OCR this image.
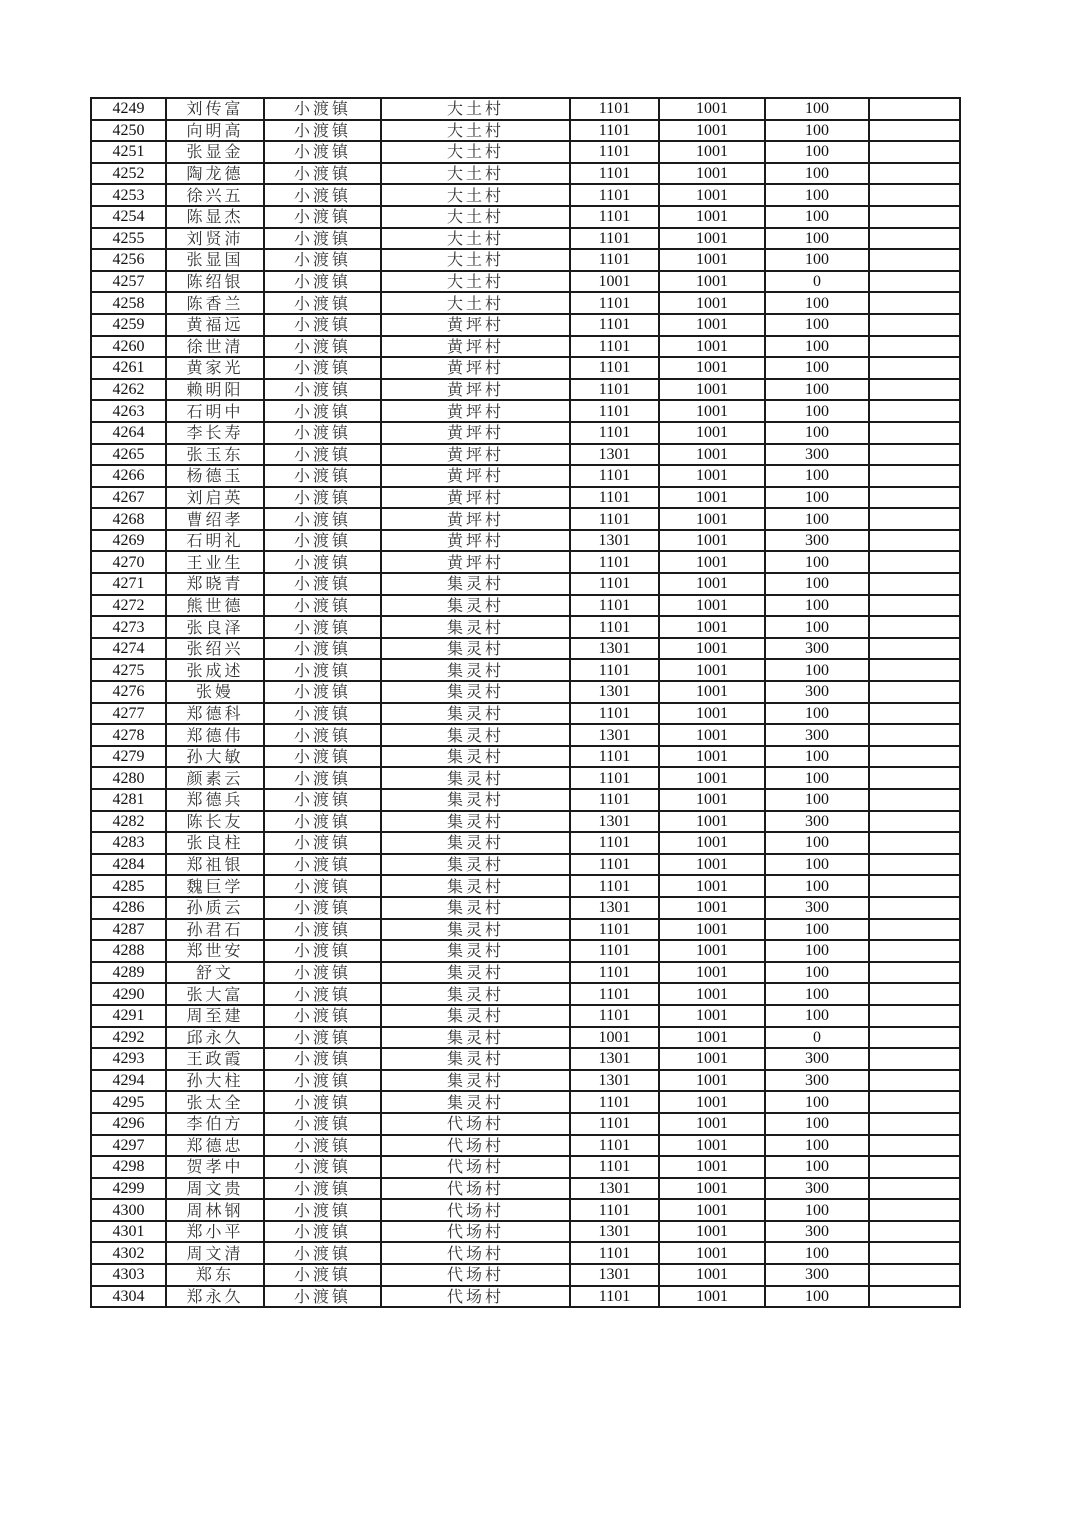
4249	刘传富	小渡镇	大土村	1101	1001	100	
4250	向明高	小渡镇	大土村	1101	1001	100	
4251	张显金	小渡镇	大土村	1101	1001	100	
4252	陶龙德	小渡镇	大土村	1101	1001	100	
4253	徐兴五	小渡镇	大土村	1101	1001	100	
4254	陈显杰	小渡镇	大土村	1101	1001	100	
4255	刘贤沛	小渡镇	大土村	1101	1001	100	
4256	张显国	小渡镇	大土村	1101	1001	100	
4257	陈绍银	小渡镇	大土村	1001	1001	0	
4258	陈香兰	小渡镇	大土村	1101	1001	100	
4259	黄福远	小渡镇	黄坪村	1101	1001	100	
4260	徐世清	小渡镇	黄坪村	1101	1001	100	
4261	黄家光	小渡镇	黄坪村	1101	1001	100	
4262	赖明阳	小渡镇	黄坪村	1101	1001	100	
4263	石明中	小渡镇	黄坪村	1101	1001	100	
4264	李长寿	小渡镇	黄坪村	1101	1001	100	
4265	张玉东	小渡镇	黄坪村	1301	1001	300	
4266	杨德玉	小渡镇	黄坪村	1101	1001	100	
4267	刘启英	小渡镇	黄坪村	1101	1001	100	
4268	曹绍孝	小渡镇	黄坪村	1101	1001	100	
4269	石明礼	小渡镇	黄坪村	1301	1001	300	
4270	王业生	小渡镇	黄坪村	1101	1001	100	
4271	郑晓青	小渡镇	集灵村	1101	1001	100	
4272	熊世德	小渡镇	集灵村	1101	1001	100	
4273	张良泽	小渡镇	集灵村	1101	1001	100	
4274	张绍兴	小渡镇	集灵村	1301	1001	300	
4275	张成述	小渡镇	集灵村	1101	1001	100	
4276	张嫚	小渡镇	集灵村	1301	1001	300	
4277	郑德科	小渡镇	集灵村	1101	1001	100	
4278	郑德伟	小渡镇	集灵村	1301	1001	300	
4279	孙大敏	小渡镇	集灵村	1101	1001	100	
4280	颜素云	小渡镇	集灵村	1101	1001	100	
4281	郑德兵	小渡镇	集灵村	1101	1001	100	
4282	陈长友	小渡镇	集灵村	1301	1001	300	
4283	张良柱	小渡镇	集灵村	1101	1001	100	
4284	郑祖银	小渡镇	集灵村	1101	1001	100	
4285	魏巨学	小渡镇	集灵村	1101	1001	100	
4286	孙质云	小渡镇	集灵村	1301	1001	300	
4287	孙君石	小渡镇	集灵村	1101	1001	100	
4288	郑世安	小渡镇	集灵村	1101	1001	100	
4289	舒文	小渡镇	集灵村	1101	1001	100	
4290	张大富	小渡镇	集灵村	1101	1001	100	
4291	周至建	小渡镇	集灵村	1101	1001	100	
4292	邱永久	小渡镇	集灵村	1001	1001	0	
4293	王政霞	小渡镇	集灵村	1301	1001	300	
4294	孙大柱	小渡镇	集灵村	1301	1001	300	
4295	张太全	小渡镇	集灵村	1101	1001	100	
4296	李伯方	小渡镇	代场村	1101	1001	100	
4297	郑德忠	小渡镇	代场村	1101	1001	100	
4298	贺孝中	小渡镇	代场村	1101	1001	100	
4299	周文贵	小渡镇	代场村	1301	1001	300	
4300	周林钢	小渡镇	代场村	1101	1001	100	
4301	郑小平	小渡镇	代场村	1301	1001	300	
4302	周文清	小渡镇	代场村	1101	1001	100	
4303	郑东	小渡镇	代场村	1301	1001	300	
4304	郑永久	小渡镇	代场村	1101	1001	100	
